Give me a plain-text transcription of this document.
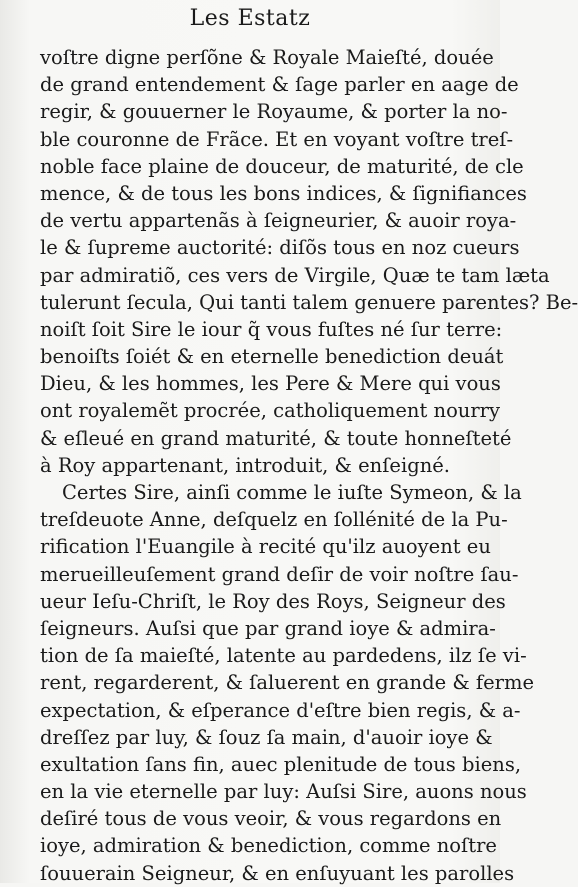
Les Estatz
voſtre digne perſõne & Royale Maieſté, douée
de grand entendement & ſage parler en aage de
regir, & gouuerner le Royaume, & porter la no-
ble couronne de Frãce. Et en voyant voſtre treſ-
noble face plaine de douceur, de maturité, de cle
mence, & de tous les bons indices, & ſignifiances
de vertu appartenãs à ſeigneurier, & auoir roya-
le & ſupreme auctorité: diſõs tous en noz cueurs
par admiratiõ, ces vers de Virgile, Quæ te tam læta
tulerunt ſecula, Qui tanti talem genuere parentes? Be-
noiſt ſoit Sire le iour q̃ vous fuſtes né ſur terre:
benoiſts ſoiét & en eternelle benediction deuát
Dieu, & les hommes, les Pere & Mere qui vous
ont royalemẽt procrée, catholiquement nourry
& eſleué en grand maturité, & toute honneſteté
à Roy appartenant, introduit, & enſeigné.
Certes Sire, ainſi comme le iuſte Symeon, & la
treſdeuote Anne, deſquelz en ſollénité de la Pu-
rification l'Euangile à recité qu'ilz auoyent eu
merueilleuſement grand deſir de voir noſtre ſau-
ueur Ieſu-Chriſt, le Roy des Roys, Seigneur des
ſeigneurs. Auſsi que par grand ioye & admira-
tion de ſa maieſté, latente au pardedens, ilz ſe vi-
rent, regarderent, & ſaluerent en grande & ferme
expectation, & eſperance d'eſtre bien regis, & a-
dreſſez par luy, & ſouz ſa main, d'auoir ioye &
exultation ſans fin, auec plenitude de tous biens,
en la vie eternelle par luy: Auſsi Sire, auons nous
deſiré tous de vous veoir, & vous regardons en
ioye, admiration & benediction, comme noſtre
ſouuerain Seigneur, & en enſuyuant les parolles
